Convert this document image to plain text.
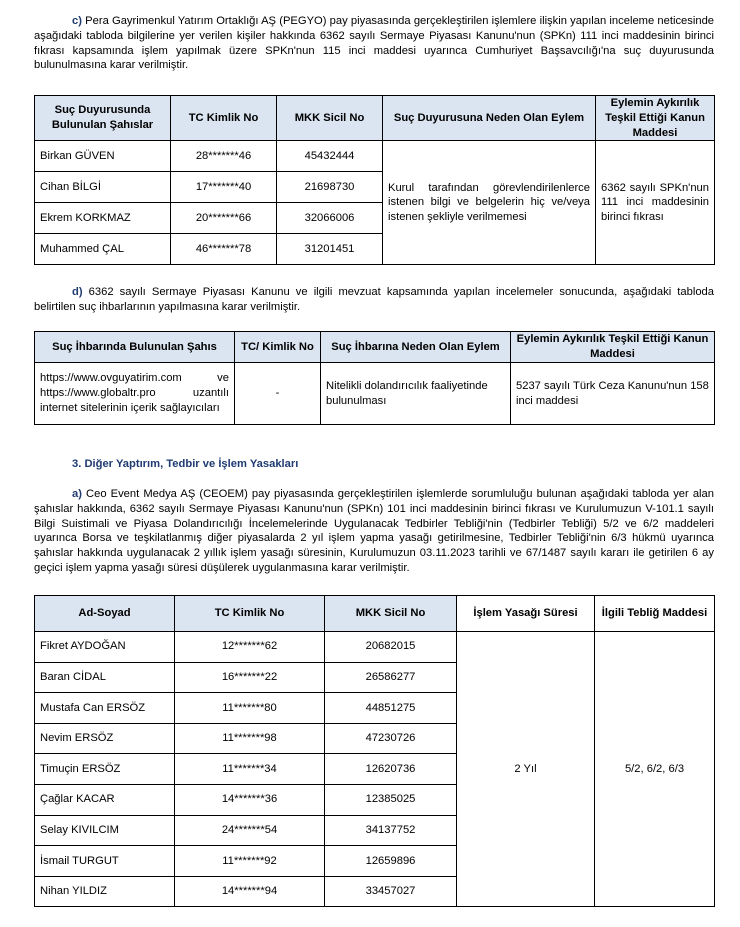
c) Pera Gayrimenkul Yatırım Ortaklığı AŞ (PEGYO) pay piyasasında gerçekleştirilen işlemlere ilişkin yapılan inceleme neticesinde aşağıdaki tabloda bilgilerine yer verilen kişiler hakkında 6362 sayılı Sermaye Piyasası Kanunu'nun (SPKn) 111 inci maddesinin birinci fıkrası kapsamında işlem yapılmak üzere SPKn'nun 115 inci maddesi uyarınca Cumhuriyet Başsavcılığı'na suç duyurusunda bulunulmasına karar verilmiştir.

Suç Duyurusunda Bulunulan Şahıslar	TC Kimlik No	MKK Sicil No	Suç Duyurusuna Neden Olan Eylem	Eylemin Aykırılık Teşkil Ettiği Kanun Maddesi
Birkan GÜVEN	28*******46	45432444	Kurul tarafından görevlendirilenlerce istenen bilgi ve belgelerin hiç ve/veya istenen şekliyle verilmemesi	6362 sayılı SPKn'nun 111 inci maddesinin birinci fıkrası
Cihan BİLGİ	17*******40	21698730		
Ekrem KORKMAZ	20*******66	32066006		
Muhammed ÇAL	46*******78	31201451		

d) 6362 sayılı Sermaye Piyasası Kanunu ve ilgili mevzuat kapsamında yapılan incelemeler sonucunda, aşağıdaki tabloda belirtilen suç ihbarlarının yapılmasına karar verilmiştir.

Suç İhbarında Bulunulan Şahıs	TC/ Kimlik No	Suç İhbarına Neden Olan Eylem	Eylemin Aykırılık Teşkil Ettiği Kanun Maddesi
https://www.ovguyatirim.com ve https://www.globaltr.pro uzantılı internet sitelerinin içerik sağlayıcıları	-	Nitelikli dolandırıcılık faaliyetinde bulunulması	5237 sayılı Türk Ceza Kanunu'nun 158 inci maddesi
3. Diğer Yaptırım, Tedbir ve İşlem Yasakları

a) Ceo Event Medya AŞ (CEOEM) pay piyasasında gerçekleştirilen işlemlerde sorumluluğu bulunan aşağıdaki tabloda yer alan şahıslar hakkında, 6362 sayılı Sermaye Piyasası Kanunu'nun (SPKn) 101 inci maddesinin birinci fıkrası ve Kurulumuzun V-101.1 sayılı Bilgi Suistimali ve Piyasa Dolandırıcılığı İncelemelerinde Uygulanacak Tedbirler Tebliği'nin (Tedbirler Tebliği) 5/2 ve 6/2 maddeleri uyarınca Borsa ve teşkilatlanmış diğer piyasalarda 2 yıl işlem yapma yasağı getirilmesine, Tedbirler Tebliği'nin 6/3 hükmü uyarınca şahıslar hakkında uygulanacak 2 yıllık işlem yasağı süresinin, Kurulumuzun 03.11.2023 tarihli ve 67/1487 sayılı kararı ile getirilen 6 ay geçici işlem yapma yasağı süresi düşülerek uygulanmasına karar verilmiştir.

Ad-Soyad	TC Kimlik No	MKK Sicil No	İşlem Yasağı Süresi	İlgili Tebliğ Maddesi
Fikret AYDOĞAN	12*******62	20682015	2 Yıl	5/2, 6/2, 6/3
Baran CİDAL	16*******22	26586277		
Mustafa Can ERSÖZ	11*******80	44851275		
Nevim ERSÖZ	11*******98	47230726		
Timuçin ERSÖZ	11*******34	12620736		
Çağlar KACAR	14*******36	12385025		
Selay KIVILCIM	24*******54	34137752		
İsmail TURGUT	11*******92	12659896		
Nihan YILDIZ	14*******94	33457027		
